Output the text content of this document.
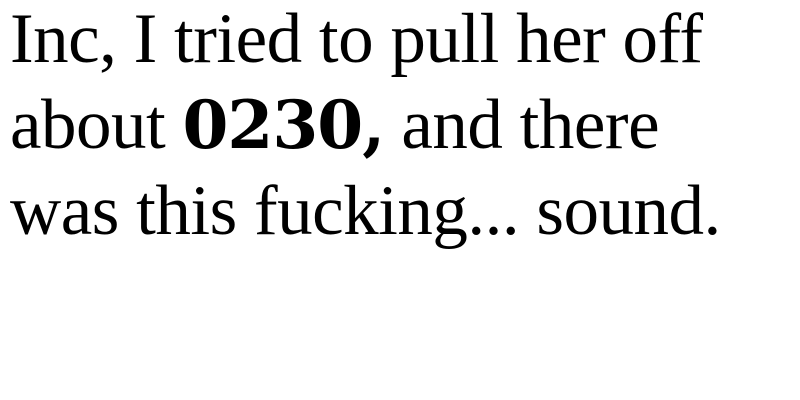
Inc, I tried to pull her off
about 0230, and there
was this fucking... sound.
